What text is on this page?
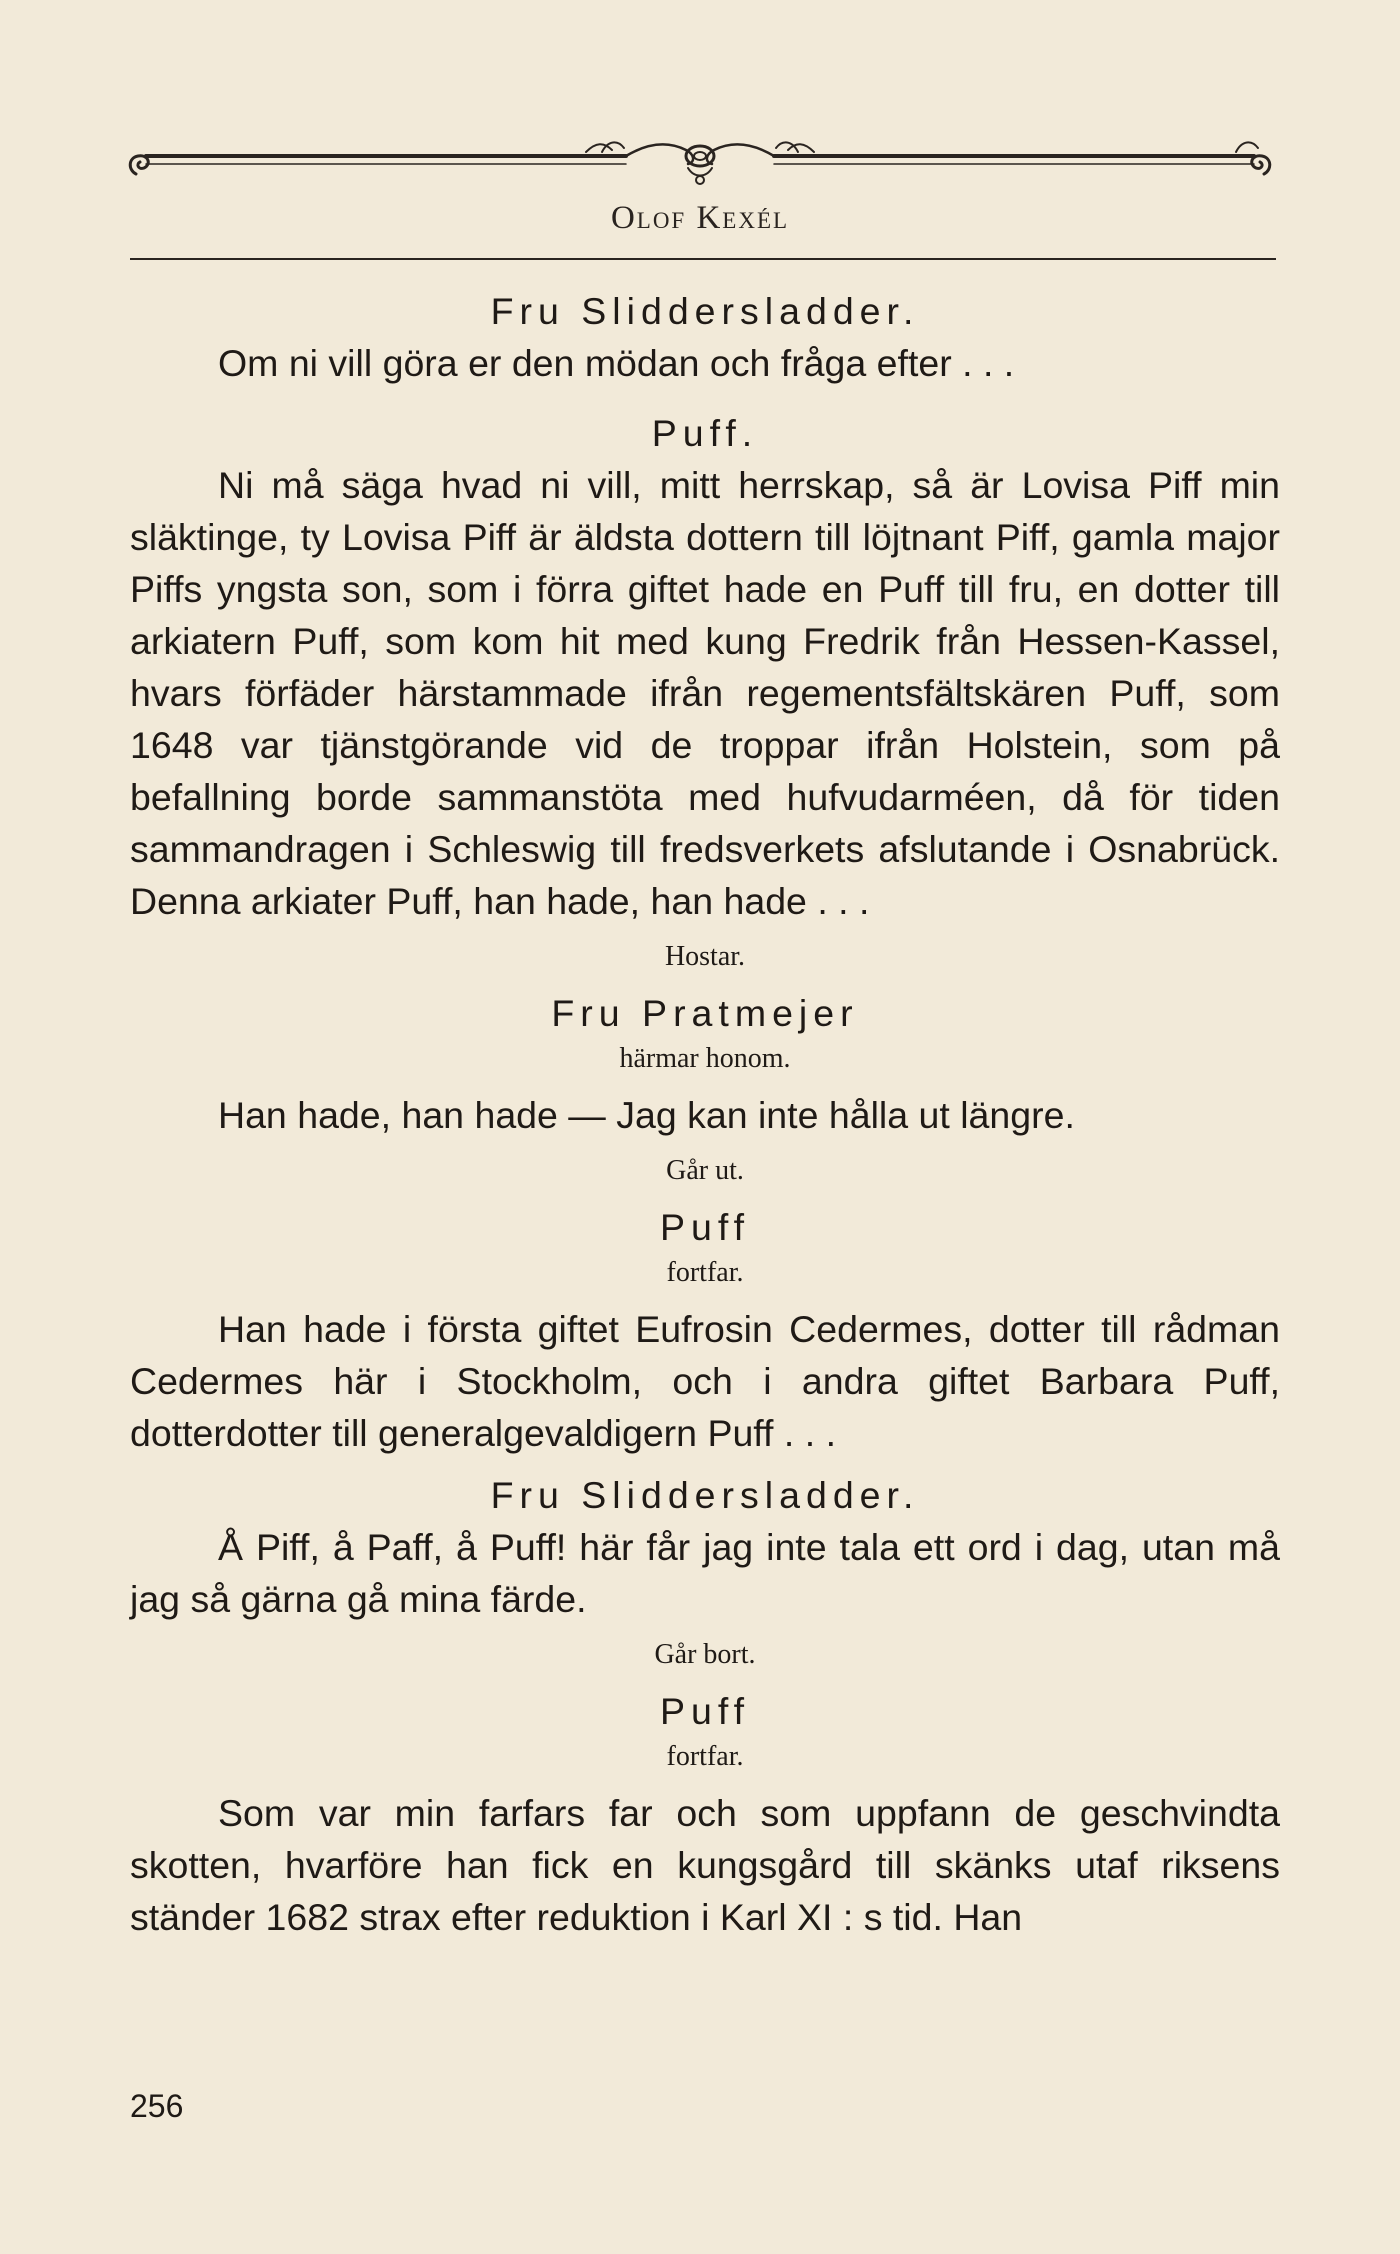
Olof Kexél

Fru Sliddersladder.

Om ni vill göra er den mödan och fråga efter . . .

Puff.

Ni må säga hvad ni vill, mitt herrskap, så är Lovisa Piff min släktinge, ty Lovisa Piff är äldsta dottern till löjtnant Piff, gamla major Piffs yngsta son, som i förra giftet hade en Puff till fru, en dotter till arkiatern Puff, som kom hit med kung Fredrik från Hessen-Kassel, hvars förfäder härstammade ifrån regementsfältskären Puff, som 1648 var tjänstgörande vid de troppar ifrån Holstein, som på befallning borde sammanstöta med hufvudarméen, då för tiden sammandragen i Schleswig till fredsverkets afslutande i Osnabrück. Denna arkiater Puff, han hade, han hade . . .

Hostar.

Fru Pratmejer

härmar honom.

Han hade, han hade — Jag kan inte hålla ut längre.

Går ut.

Puff

fortfar.

Han hade i första giftet Eufrosin Cedermes, dotter till rådman Cedermes här i Stockholm, och i andra giftet Barbara Puff, dotterdotter till generalgevaldigern Puff . . .

Fru Sliddersladder.

Å Piff, å Paff, å Puff! här får jag inte tala ett ord i dag, utan må jag så gärna gå mina färde.

Går bort.

Puff

fortfar.

Som var min farfars far och som uppfann de geschvindta skotten, hvarföre han fick en kungsgård till skänks utaf riksens ständer 1682 strax efter reduktion i Karl XI : s tid. Han

256
